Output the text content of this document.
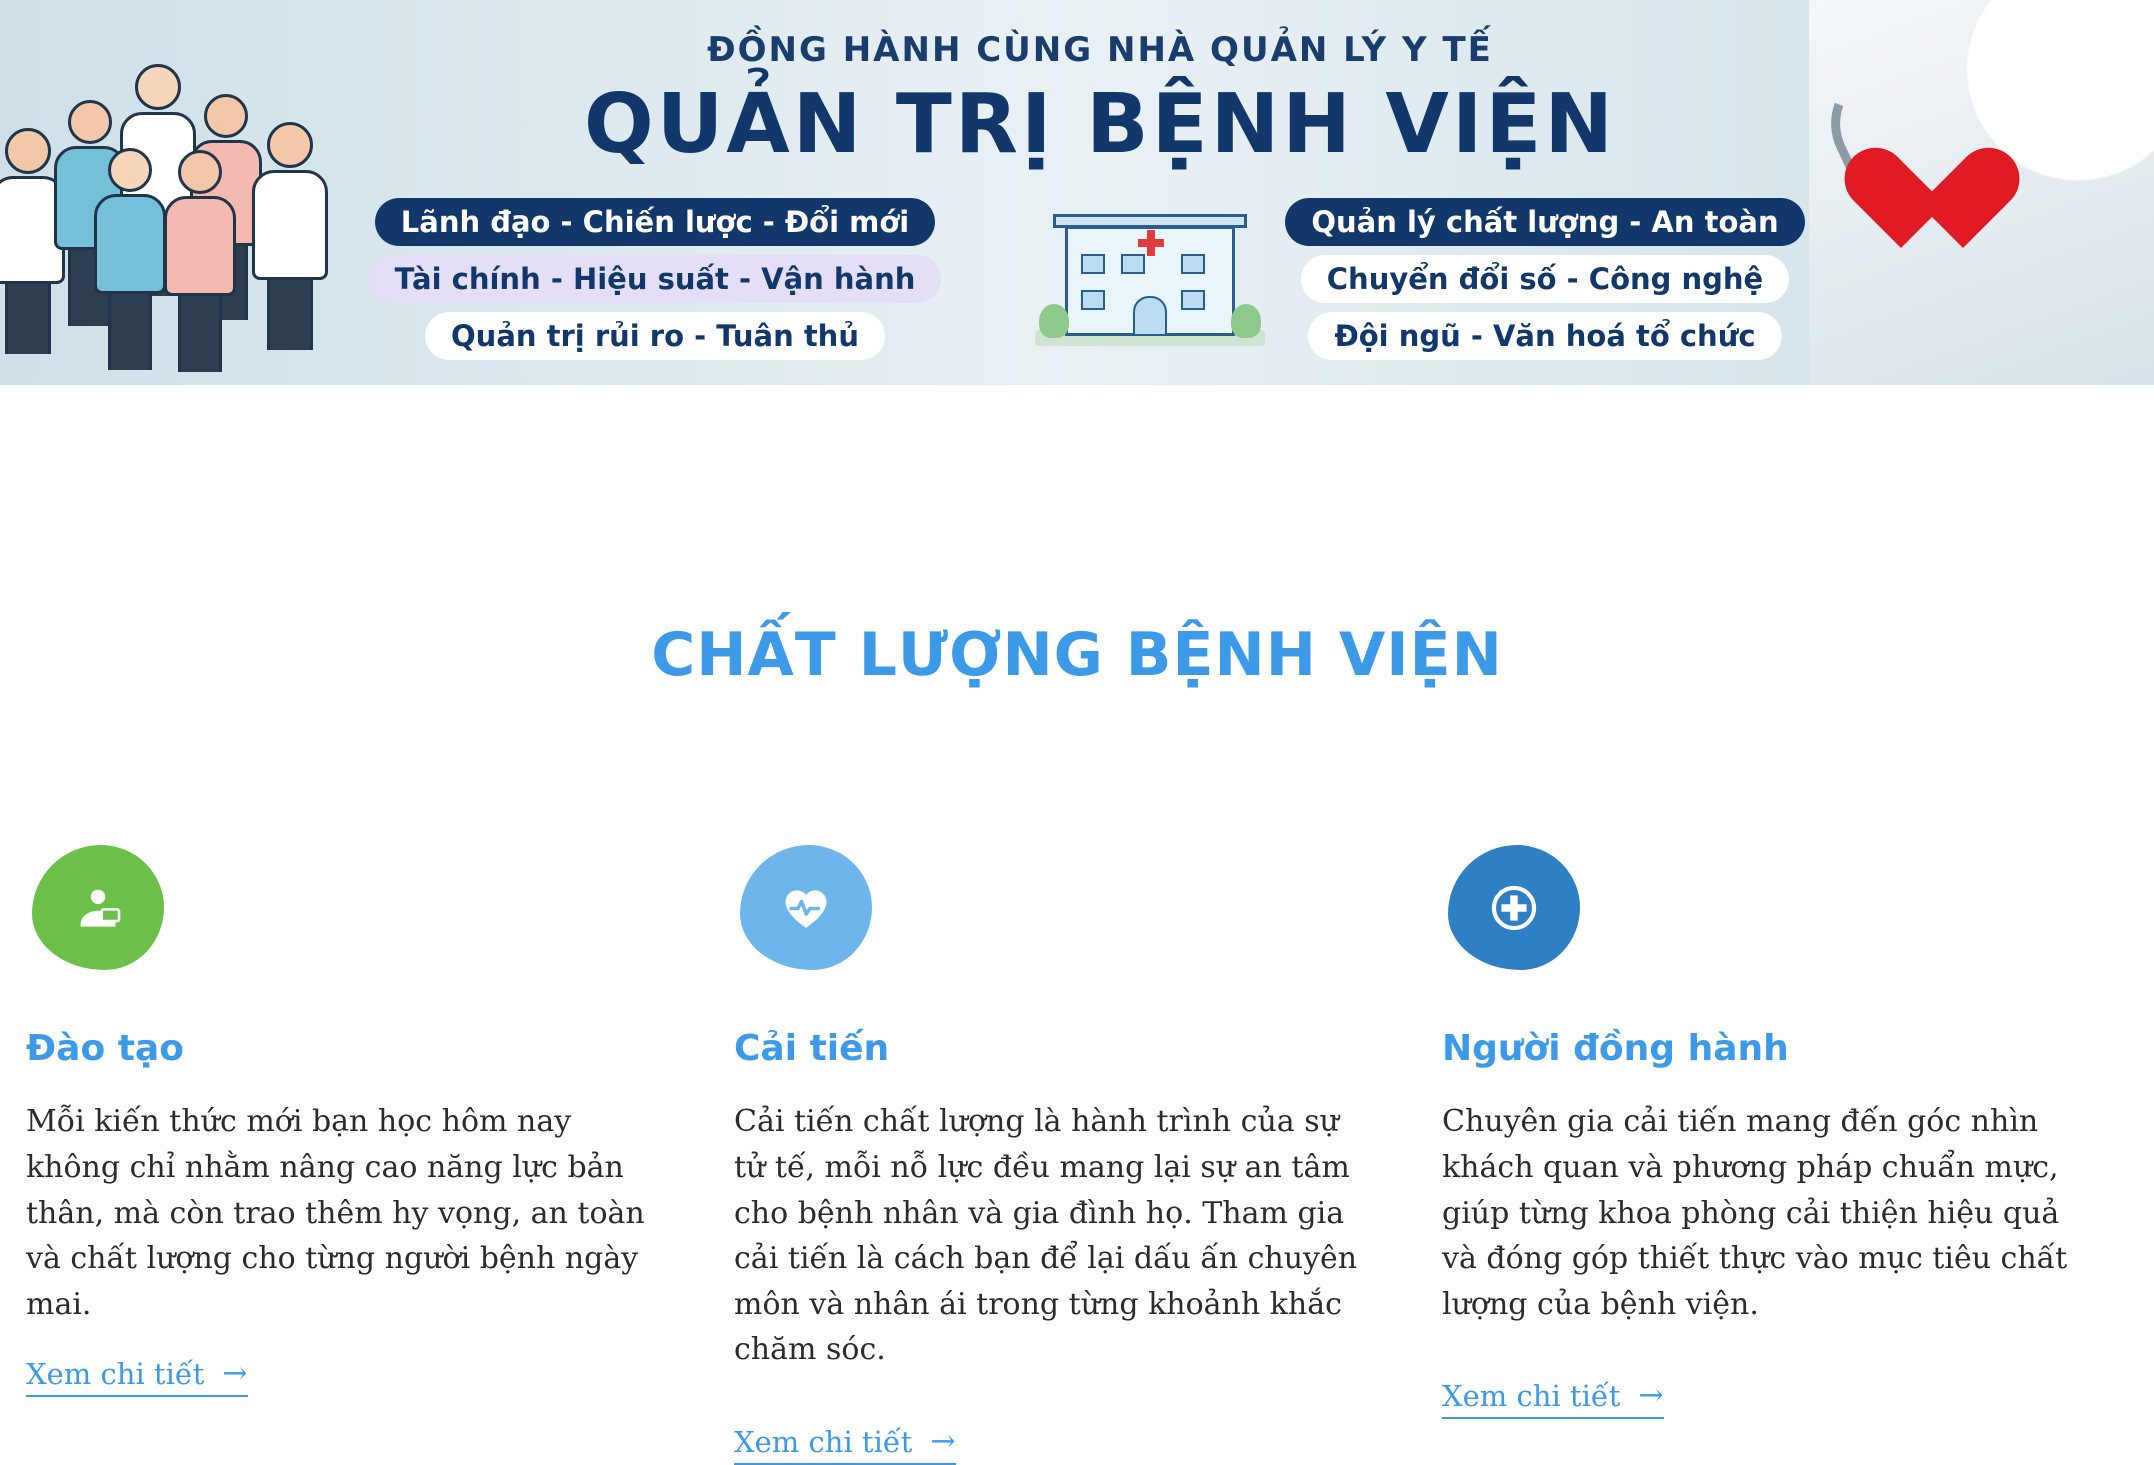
ĐỒNG HÀNH CÙNG NHÀ QUẢN LÝ Y TẾ
QUẢN TRỊ BỆNH VIỆN
Lãnh đạo - Chiến lược - Đổi mới
Tài chính - Hiệu suất - Vận hành
Quản trị rủi ro - Tuân thủ
Quản lý chất lượng - An toàn
Chuyển đổi số - Công nghệ
Đội ngũ - Văn hoá tổ chức
CHẤT LƯỢNG BỆNH VIỆN
Đào tạo
Mỗi kiến thức mới bạn học hôm nay không chỉ nhằm nâng cao năng lực bản thân, mà còn trao thêm hy vọng, an toàn và chất lượng cho từng người bệnh ngày mai.
Xem chi tiết →
Cải tiến
Cải tiến chất lượng là hành trình của sự tử tế, mỗi nỗ lực đều mang lại sự an tâm cho bệnh nhân và gia đình họ. Tham gia cải tiến là cách bạn để lại dấu ấn chuyên môn và nhân ái trong từng khoảnh khắc chăm sóc.
Xem chi tiết →
Người đồng hành
Chuyên gia cải tiến mang đến góc nhìn khách quan và phương pháp chuẩn mực, giúp từng khoa phòng cải thiện hiệu quả và đóng góp thiết thực vào mục tiêu chất lượng của bệnh viện.
Xem chi tiết →
